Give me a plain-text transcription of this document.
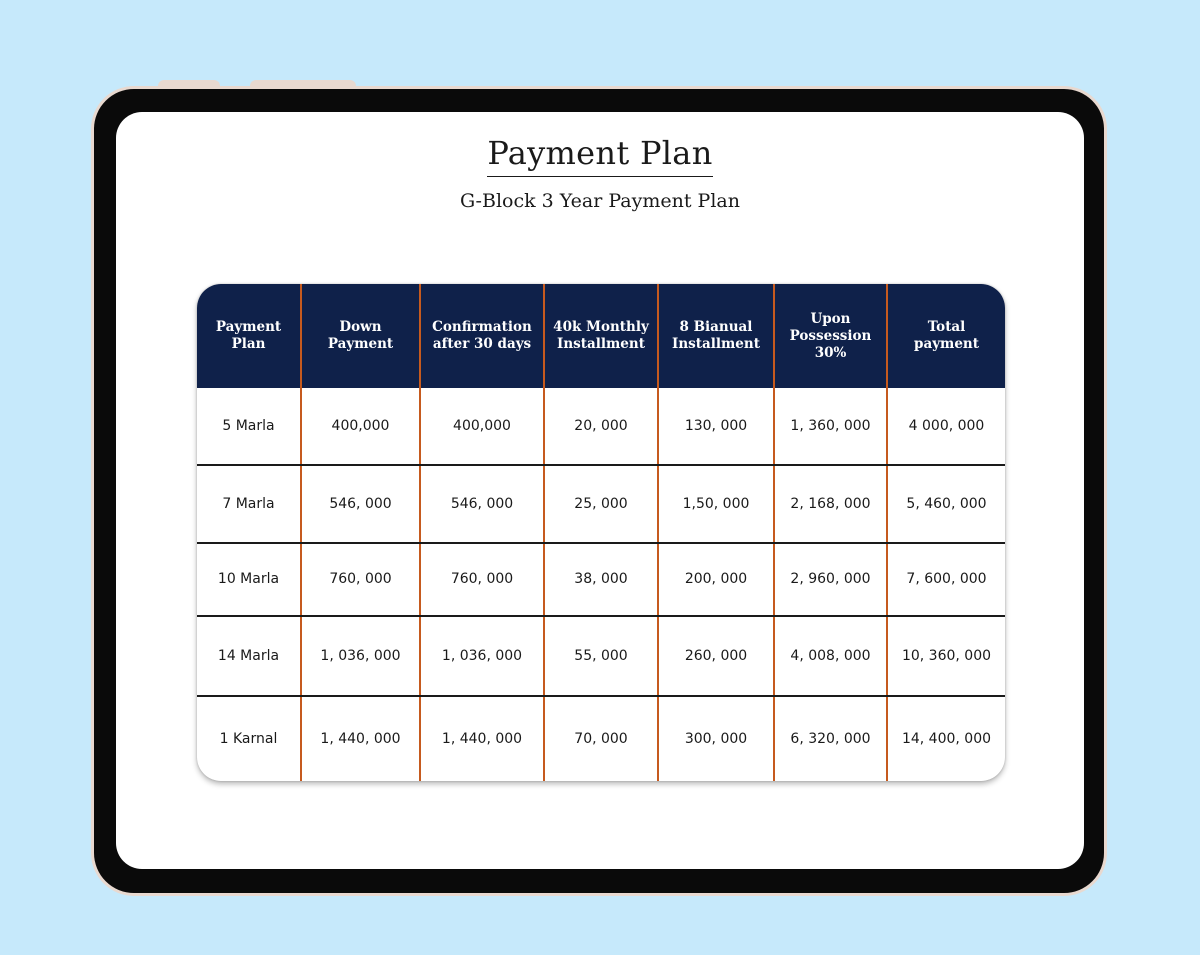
Payment Plan
G-Block 3 Year Payment Plan
Payment Plan	Down Payment	Confirmation after 30 days	40k Monthly Installment	8 Bianual Installment	Upon Possession 30%	Total payment
5 Marla	400,000	400,000	20, 000	130, 000	1, 360, 000	4 000, 000
7 Marla	546, 000	546, 000	25, 000	1,50, 000	2, 168, 000	5, 460, 000
10 Marla	760, 000	760, 000	38, 000	200, 000	2, 960, 000	7, 600, 000
14 Marla	1, 036, 000	1, 036, 000	55, 000	260, 000	4, 008, 000	10, 360, 000
1 Karnal	1, 440, 000	1, 440, 000	70, 000	300, 000	6, 320, 000	14, 400, 000
